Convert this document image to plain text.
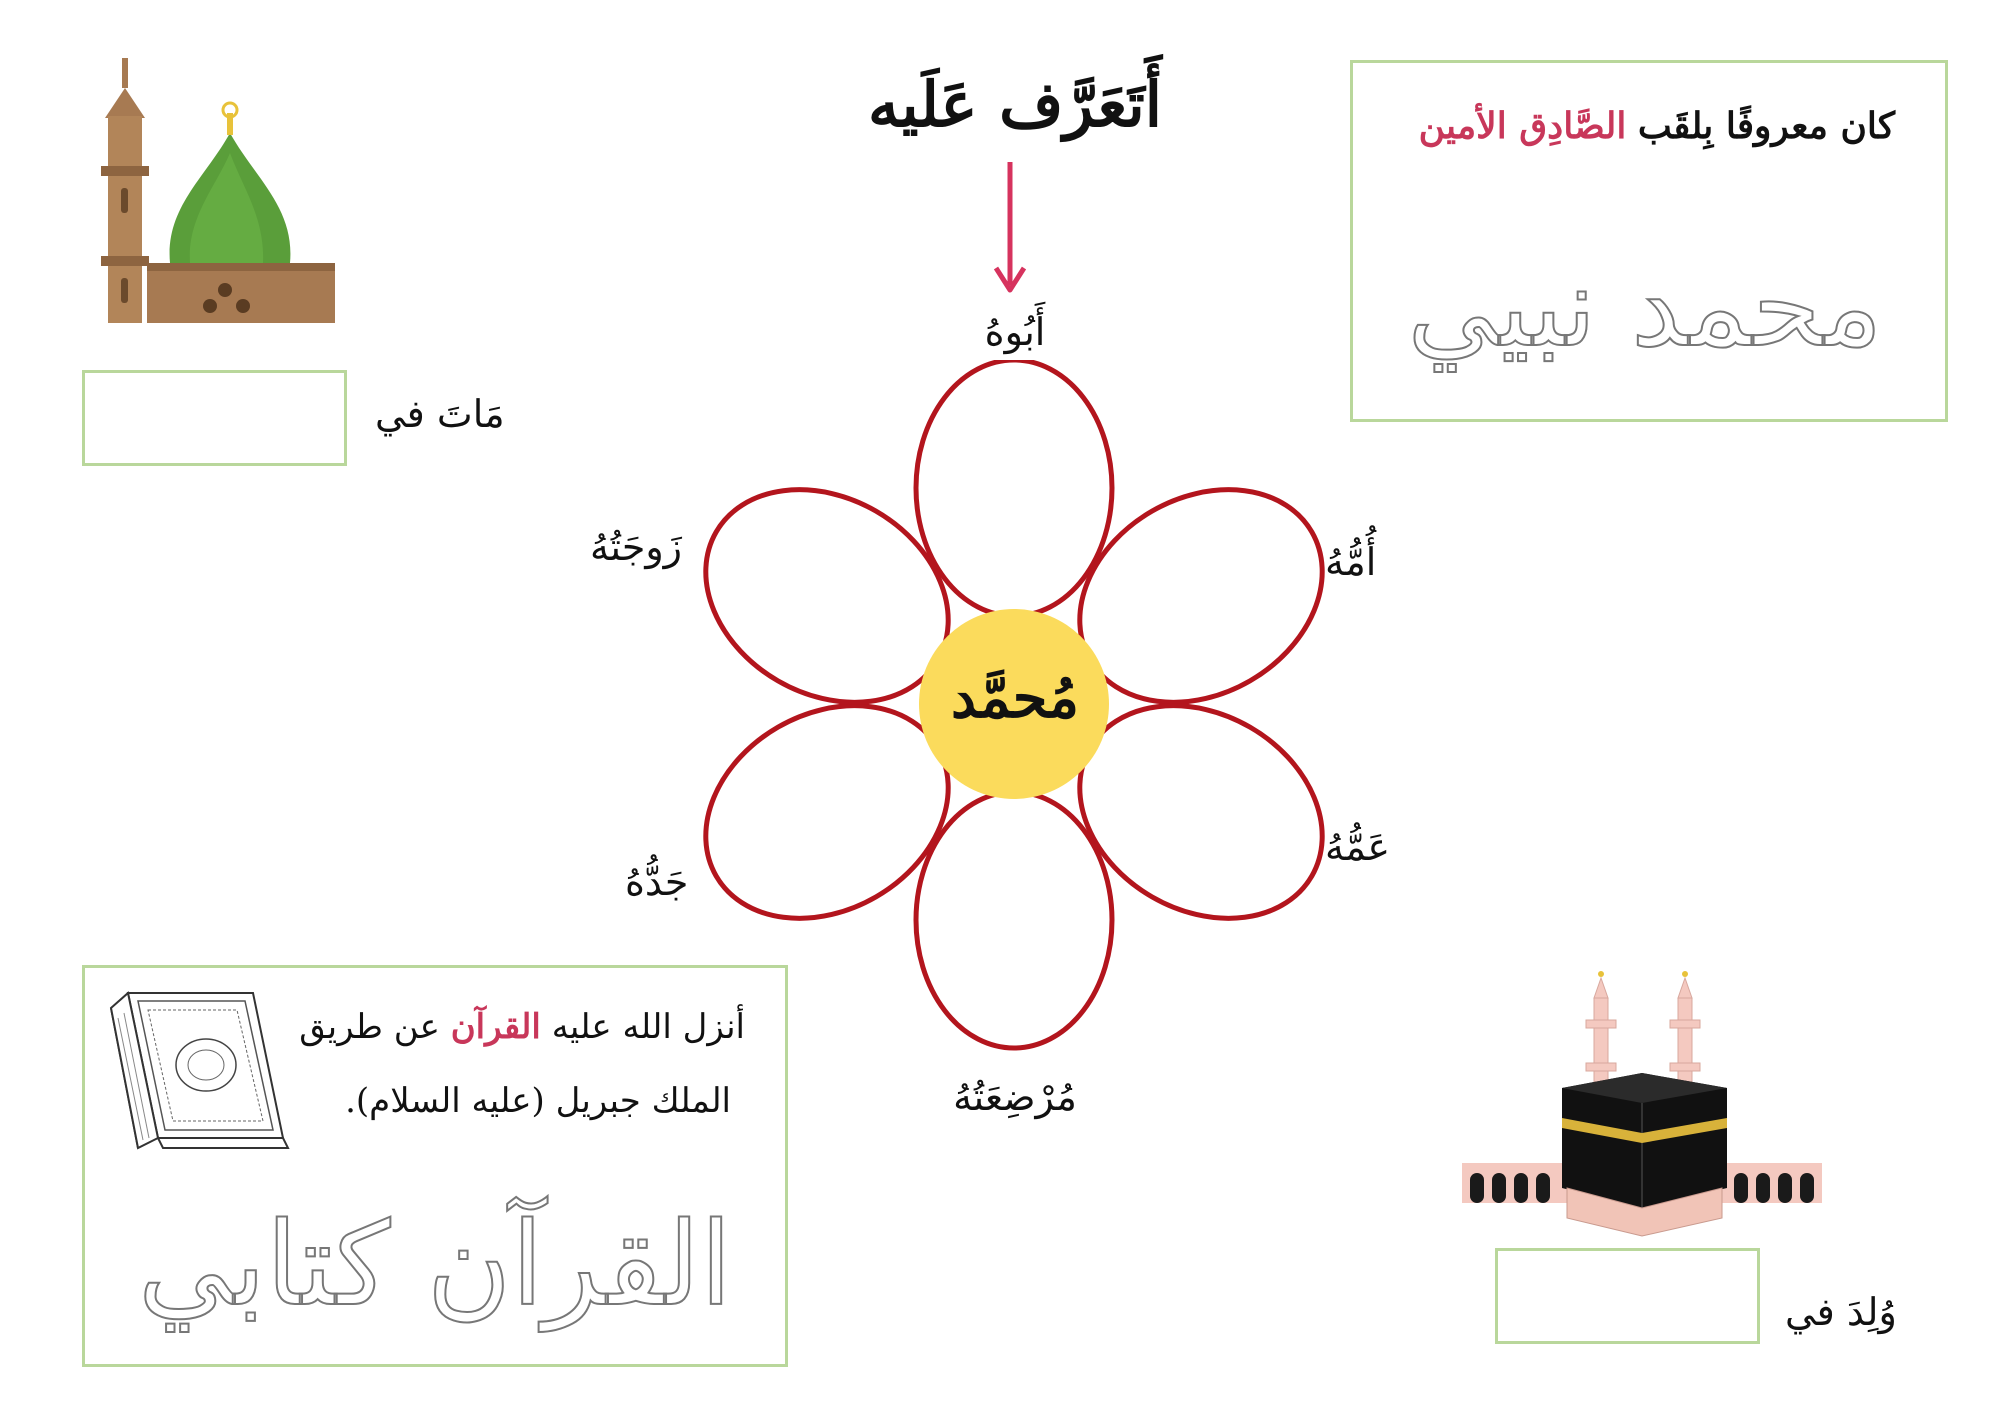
أَتَعَرَّف عَلَيه
مُحمَّد
أَبُوهُ
أُمُّهُ
عَمُّهُ
مُرْضِعَتُهُ
جَدُّهُ
زَوجَتُهُ
كان معروفًا بِلقَب الصَّادِق الأمين
محمد نبيي
مَاتَ في
أنزل الله عليه القرآن عن طريق
الملك جبريل (عليه السلام).
القرآن كتابي	وُلِدَ في
